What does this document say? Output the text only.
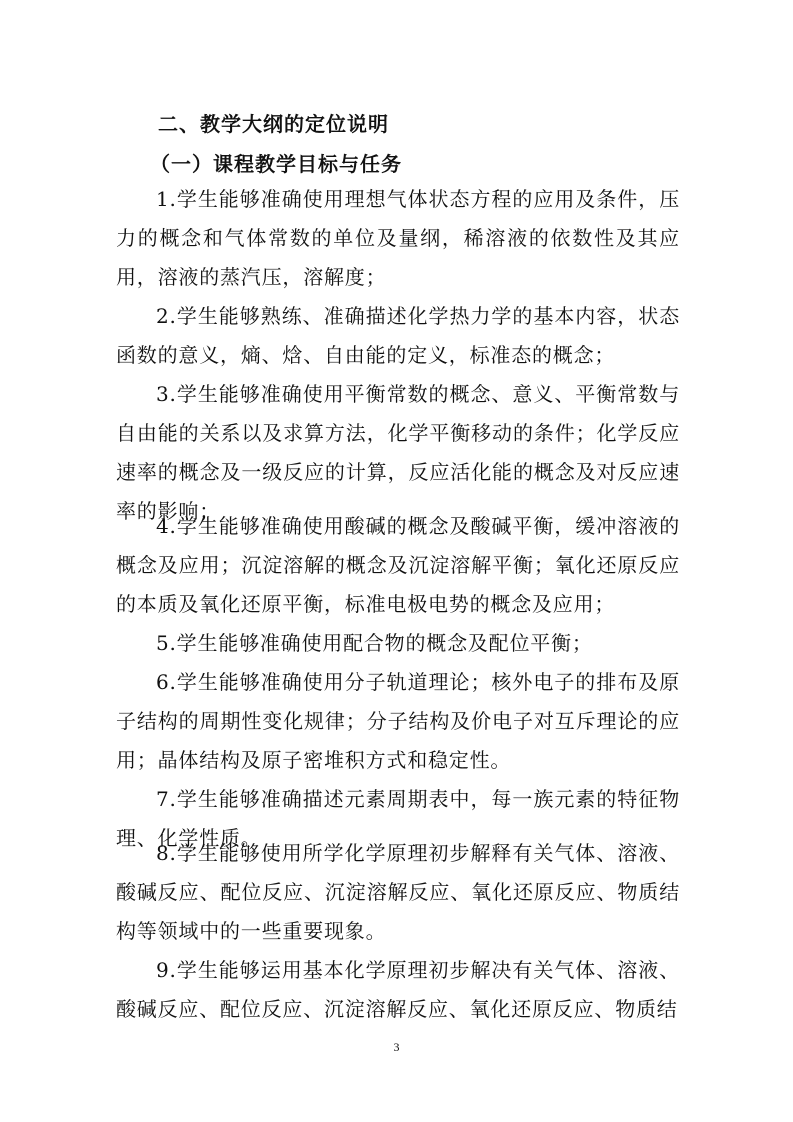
二、教学大纲的定位说明
（一）课程教学目标与任务

1.学生能够准确使用理想气体状态方程的应用及条件，压力的概念和气体常数的单位及量纲，稀溶液的依数性及其应用，溶液的蒸汽压，溶解度；

2.学生能够熟练、准确描述化学热力学的基本内容，状态函数的意义，熵、焓、自由能的定义，标准态的概念；

3.学生能够准确使用平衡常数的概念、意义、平衡常数与自由能的关系以及求算方法，化学平衡移动的条件；化学反应速率的概念及一级反应的计算，反应活化能的概念及对反应速率的影响；

4.学生能够准确使用酸碱的概念及酸碱平衡，缓冲溶液的概念及应用；沉淀溶解的概念及沉淀溶解平衡；氧化还原反应的本质及氧化还原平衡，标准电极电势的概念及应用；

5.学生能够准确使用配合物的概念及配位平衡；

6.学生能够准确使用分子轨道理论；核外电子的排布及原子结构的周期性变化规律；分子结构及价电子对互斥理论的应用；晶体结构及原子密堆积方式和稳定性。

7.学生能够准确描述元素周期表中，每一族元素的特征物理、化学性质。

8.学生能够使用所学化学原理初步解释有关气体、溶液、酸碱反应、配位反应、沉淀溶解反应、氧化还原反应、物质结构等领域中的一些重要现象。

9.学生能够运用基本化学原理初步解决有关气体、溶液、酸碱反应、配位反应、沉淀溶解反应、氧化还原反应、物质结

3
